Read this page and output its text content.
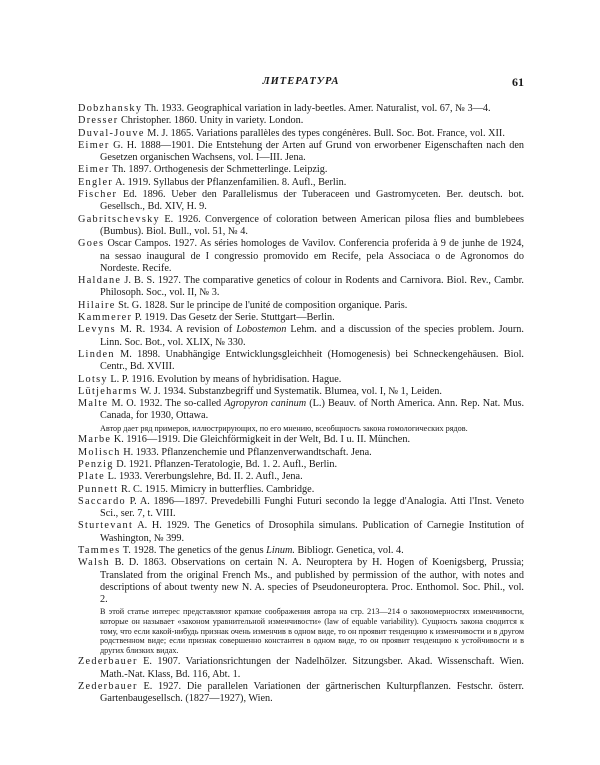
ЛИТЕРАТУРА	61

Dobzhansky Th. 1933. Geographical variation in lady-beetles. Amer. Naturalist, vol. 67, № 3—4.

Dresser Christopher. 1860. Unity in variety. London.

Duval-Jouve M. J. 1865. Variations parallèles des types congénères. Bull. Soc. Bot. France, vol. XII.

Eimer G. H. 1888—1901. Die Entstehung der Arten auf Grund von erworbener Eigenschaften nach den Gesetzen organischen Wachsens, vol. I—III. Jena.

Eimer Th. 1897. Orthogenesis der Schmetterlinge. Leipzig.

Engler A. 1919. Syllabus der Pflanzenfamilien. 8. Aufl., Berlin.

Fischer Ed. 1896. Ueber den Parallelismus der Tuberaceen und Gastromyceten. Ber. deutsch. bot. Gesellsch., Bd. XIV, H. 9.

Gabritschevsky E. 1926. Convergence of coloration between American pilosa flies and bumblebees (Bumbus). Biol. Bull., vol. 51, № 4.

Goes Oscar Campos. 1927. As séries homologes de Vavilov. Conferencia proferida à 9 de junhe de 1924, na sessao inaugural de I congressio promovido em Recife, pela Associaca o de Agronomos do Nordeste. Recife.

Haldane J. B. S. 1927. The comparative genetics of colour in Rodents and Carnivora. Biol. Rev., Cambr. Philosoph. Soc., vol. II, № 3.

Hilaire St. G. 1828. Sur le principe de l'unité de composition organique. Paris.

Kammerer P. 1919. Das Gesetz der Serie. Stuttgart—Berlin.

Levyns M. R. 1934. A revision of Lobostemon Lehm. and a discussion of the species problem. Journ. Linn. Soc. Bot., vol. XLIX, № 330.

Linden M. 1898. Unabhängige Entwicklungsgleichheit (Homogenesis) bei Schneckengehäusen. Biol. Centr., Bd. XVIII.

Lotsy L. P. 1916. Evolution by means of hybridisation. Hague.

Lütjeharms W. J. 1934. Substanzbegriff und Systematik. Blumea, vol. I, № 1, Leiden.

Malte M. O. 1932. The so-called Agropyron caninum (L.) Beauv. of North America. Ann. Rep. Nat. Mus. Canada, for 1930, Ottawa.
Автор дает ряд примеров, иллюстрирующих, по его мнению, всеобщность закона гомологических рядов.

Marbe K. 1916—1919. Die Gleichförmigkeit in der Welt, Bd. I u. II. München.

Molisch H. 1933. Pflanzenchemie und Pflanzenverwandtschaft. Jena.

Penzig D. 1921. Pflanzen-Teratologie, Bd. 1. 2. Aufl., Berlin.

Plate L. 1933. Vererbungslehre, Bd. II. 2. Aufl., Jena.

Punnett R. C. 1915. Mimicry in butterflies. Cambridge.

Saccardo P. A. 1896—1897. Prevedebilli Funghi Futuri secondo la legge d'Analogia. Atti l'Inst. Veneto Sci., ser. 7, t. VIII.

Sturtevant A. H. 1929. The Genetics of Drosophila simulans. Publication of Carnegie Institution of Washington, № 399.

Tammes T. 1928. The genetics of the genus Linum. Bibliogr. Genetica, vol. 4.

Walsh B. D. 1863. Observations on certain N. A. Neuroptera by H. Hogen of Koenigsberg, Prussia; Translated from the original French Ms., and published by permission of the author, with notes and descriptions of about twenty new N. A. species of Pseudoneuroptera. Proc. Enthomol. Soc. Phil., vol. 2.
В этой статье интерес представляют краткие соображения автора на стр. 213—214 о закономерностях изменчивости, которые он называет «законом уравнительной изменчивости» (law of equable variability). Сущность закона сводится к тому, что если какой-нибудь признак очень изменчив в одном виде, то он проявит тенденцию к изменчивости и в другом родственном виде; если признак совершенно константен в одном виде, то он проявит тенденцию к устойчивости и в других близких видах.

Zederbauer E. 1907. Variationsrichtungen der Nadelhölzer. Sitzungsber. Akad. Wissenschaft. Wien. Math.-Nat. Klass, Bd. 116, Abt. 1.

Zederbauer E. 1927. Die parallelen Variationen der gärtnerischen Kulturpflanzen. Festschr. österr. Gartenbaugesellsch. (1827—1927), Wien.
